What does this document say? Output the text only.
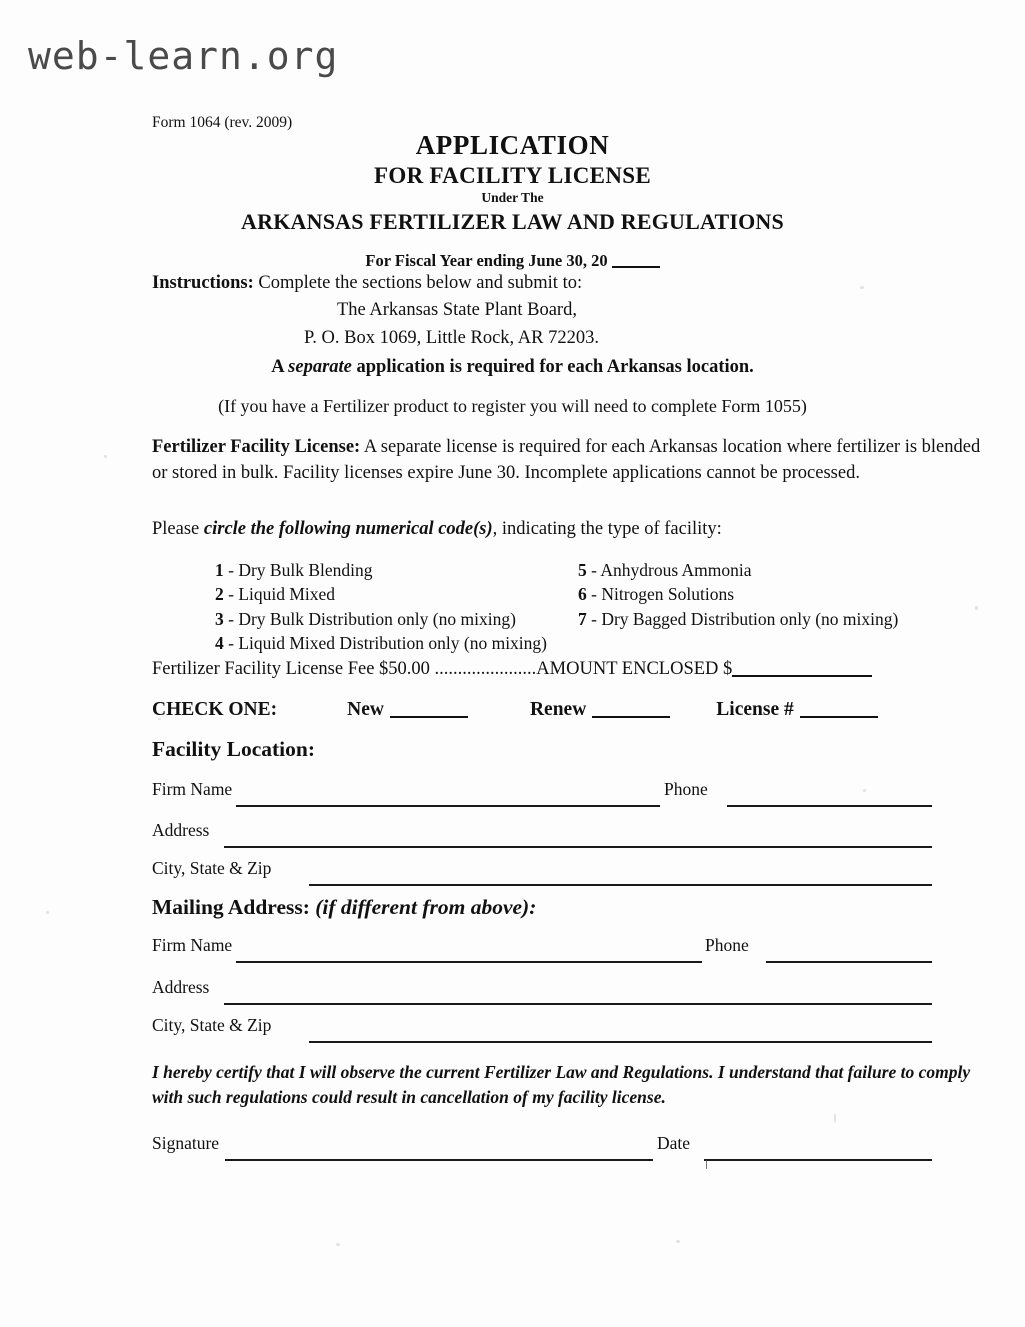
web-learn.org
Form 1064 (rev. 2009)
APPLICATION
FOR FACILITY LICENSE
Under The
ARKANSAS FERTILIZER LAW AND REGULATIONS
For Fiscal Year ending June 30, 20
Instructions: Complete the sections below and submit to:
The Arkansas State Plant Board,
P. O. Box 1069, Little Rock, AR 72203.
A separate application is required for each Arkansas location.
(If you have a Fertilizer product to register you will need to complete Form 1055)
Fertilizer Facility License: A separate license is required for each Arkansas location where fertilizer is blended or stored in bulk. Facility licenses expire June 30. Incomplete applications cannot be processed.
Please circle the following numerical code(s), indicating the type of facility:
1 - Dry Bulk Blending
2 - Liquid Mixed
3 - Dry Bulk Distribution only (no mixing)
4 - Liquid Mixed Distribution only (no mixing)
5 - Anhydrous Ammonia
6 - Nitrogen Solutions
7 - Dry Bagged Distribution only (no mixing)
Fertilizer Facility License Fee $50.00 ......................AMOUNT ENCLOSED $
CHECK ONE:	New	Renew	License #
Facility Location:
Firm Name	Phone
Address
City, State & Zip
Mailing Address: (if different from above):
Firm Name	Phone
Address
City, State & Zip
I hereby certify that I will observe the current Fertilizer Law and Regulations. I understand that failure to comply with such regulations could result in cancellation of my facility license.
Signature	Date
